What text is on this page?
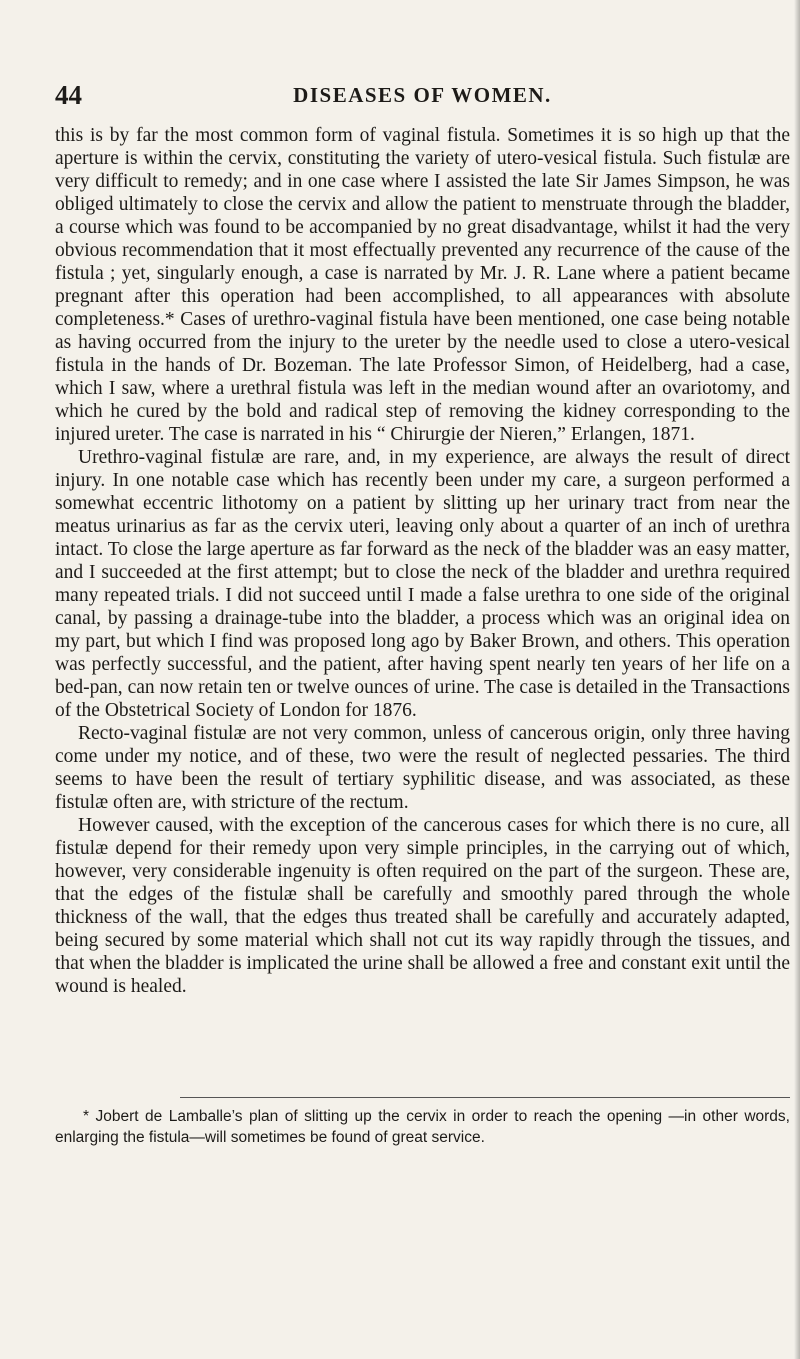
44	DISEASES OF WOMEN.

this is by far the most common form of vaginal fistula. Sometimes it is so high up that the aperture is within the cervix, constituting the variety of utero-vesical fistula. Such fistulæ are very difficult to remedy; and in one case where I assisted the late Sir James Simpson, he was obliged ultimately to close the cervix and allow the patient to menstruate through the bladder, a course which was found to be accompanied by no great disadvantage, whilst it had the very obvious recommendation that it most effectually prevented any recurrence of the cause of the fistula ; yet, singularly enough, a case is narrated by Mr. J. R. Lane where a patient became pregnant after this operation had been accomplished, to all appearances with absolute completeness.* Cases of urethro-vaginal fistula have been mentioned, one case being notable as having occurred from the injury to the ureter by the needle used to close a utero-vesical fistula in the hands of Dr. Bozeman. The late Professor Simon, of Heidelberg, had a case, which I saw, where a urethral fistula was left in the median wound after an ovariotomy, and which he cured by the bold and radical step of removing the kidney corresponding to the injured ureter. The case is narrated in his “ Chirurgie der Nieren,” Erlangen, 1871.

Urethro-vaginal fistulæ are rare, and, in my experience, are always the result of direct injury. In one notable case which has recently been under my care, a surgeon performed a somewhat eccentric lithotomy on a patient by slitting up her urinary tract from near the meatus urinarius as far as the cervix uteri, leaving only about a quarter of an inch of urethra intact. To close the large aperture as far forward as the neck of the bladder was an easy matter, and I succeeded at the first attempt; but to close the neck of the bladder and urethra required many repeated trials. I did not succeed until I made a false urethra to one side of the original canal, by passing a drainage-tube into the bladder, a process which was an original idea on my part, but which I find was proposed long ago by Baker Brown, and others. This operation was perfectly successful, and the patient, after having spent nearly ten years of her life on a bed-pan, can now retain ten or twelve ounces of urine. The case is detailed in the Transactions of the Obstetrical Society of London for 1876.

Recto-vaginal fistulæ are not very common, unless of cancerous origin, only three having come under my notice, and of these, two were the result of neglected pessaries. The third seems to have been the result of tertiary syphilitic disease, and was associated, as these fistulæ often are, with stricture of the rectum.

However caused, with the exception of the cancerous cases for which there is no cure, all fistulæ depend for their remedy upon very simple principles, in the carrying out of which, however, very considerable ingenuity is often required on the part of the surgeon. These are, that the edges of the fistulæ shall be carefully and smoothly pared through the whole thickness of the wall, that the edges thus treated shall be carefully and accurately adapted, being secured by some material which shall not cut its way rapidly through the tissues, and that when the bladder is implicated the urine shall be allowed a free and constant exit until the wound is healed.

* Jobert de Lamballe’s plan of slitting up the cervix in order to reach the opening —in other words, enlarging the fistula—will sometimes be found of great service.
